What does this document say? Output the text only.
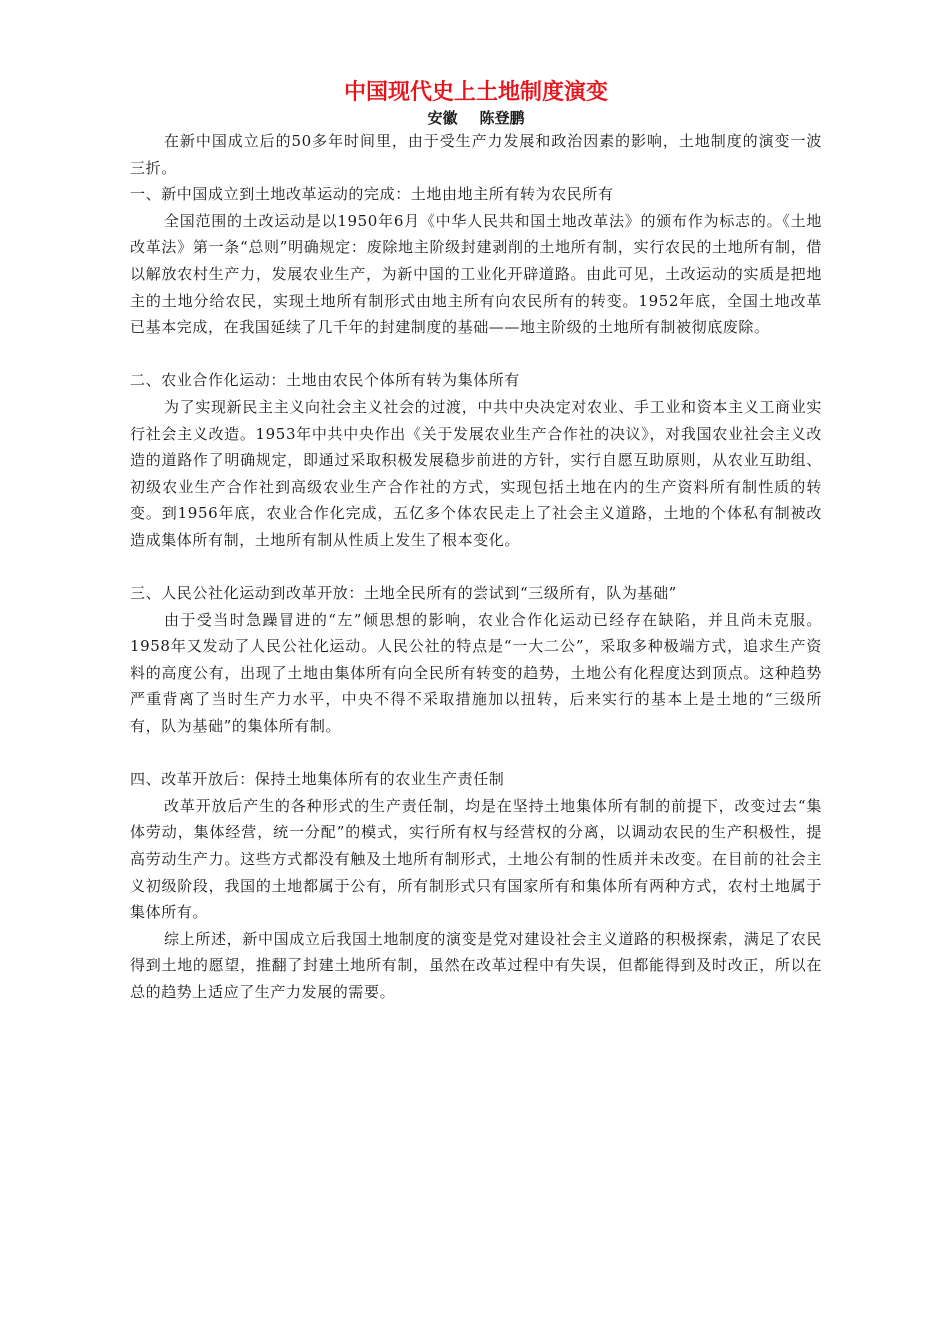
中国现代史上土地制度演变

安徽 陈登鹏

在新中国成立后的50多年时间里，由于受生产力发展和政治因素的影响，土地制度的演变一波三折。

一、新中国成立到土地改革运动的完成：土地由地主所有转为农民所有

全国范围的土改运动是以1950年6月《中华人民共和国土地改革法》的颁布作为标志的。《土地改革法》第一条“总则”明确规定：废除地主阶级封建剥削的土地所有制，实行农民的土地所有制，借以解放农村生产力，发展农业生产，为新中国的工业化开辟道路。由此可见，土改运动的实质是把地主的土地分给农民，实现土地所有制形式由地主所有向农民所有的转变。1952年底，全国土地改革已基本完成，在我国延续了几千年的封建制度的基础——地主阶级的土地所有制被彻底废除。

二、农业合作化运动：土地由农民个体所有转为集体所有

为了实现新民主主义向社会主义社会的过渡，中共中央决定对农业、手工业和资本主义工商业实行社会主义改造。1953年中共中央作出《关于发展农业生产合作社的决议》，对我国农业社会主义改造的道路作了明确规定，即通过采取积极发展稳步前进的方针，实行自愿互助原则，从农业互助组、初级农业生产合作社到高级农业生产合作社的方式，实现包括土地在内的生产资料所有制性质的转变。到1956年底，农业合作化完成，五亿多个体农民走上了社会主义道路，土地的个体私有制被改造成集体所有制，土地所有制从性质上发生了根本变化。

三、人民公社化运动到改革开放：土地全民所有的尝试到“三级所有，队为基础”

由于受当时急躁冒进的“左”倾思想的影响，农业合作化运动已经存在缺陷，并且尚未克服。1958年又发动了人民公社化运动。人民公社的特点是“一大二公”，采取多种极端方式，追求生产资料的高度公有，出现了土地由集体所有向全民所有转变的趋势，土地公有化程度达到顶点。这种趋势严重背离了当时生产力水平，中央不得不采取措施加以扭转，后来实行的基本上是土地的“三级所有，队为基础”的集体所有制。

四、改革开放后：保持土地集体所有的农业生产责任制

改革开放后产生的各种形式的生产责任制，均是在坚持土地集体所有制的前提下，改变过去“集体劳动，集体经营，统一分配”的模式，实行所有权与经营权的分离，以调动农民的生产积极性，提高劳动生产力。这些方式都没有触及土地所有制形式，土地公有制的性质并未改变。在目前的社会主义初级阶段，我国的土地都属于公有，所有制形式只有国家所有和集体所有两种方式，农村土地属于集体所有。

综上所述，新中国成立后我国土地制度的演变是党对建设社会主义道路的积极探索，满足了农民得到土地的愿望，推翻了封建土地所有制，虽然在改革过程中有失误，但都能得到及时改正，所以在总的趋势上适应了生产力发展的需要。
